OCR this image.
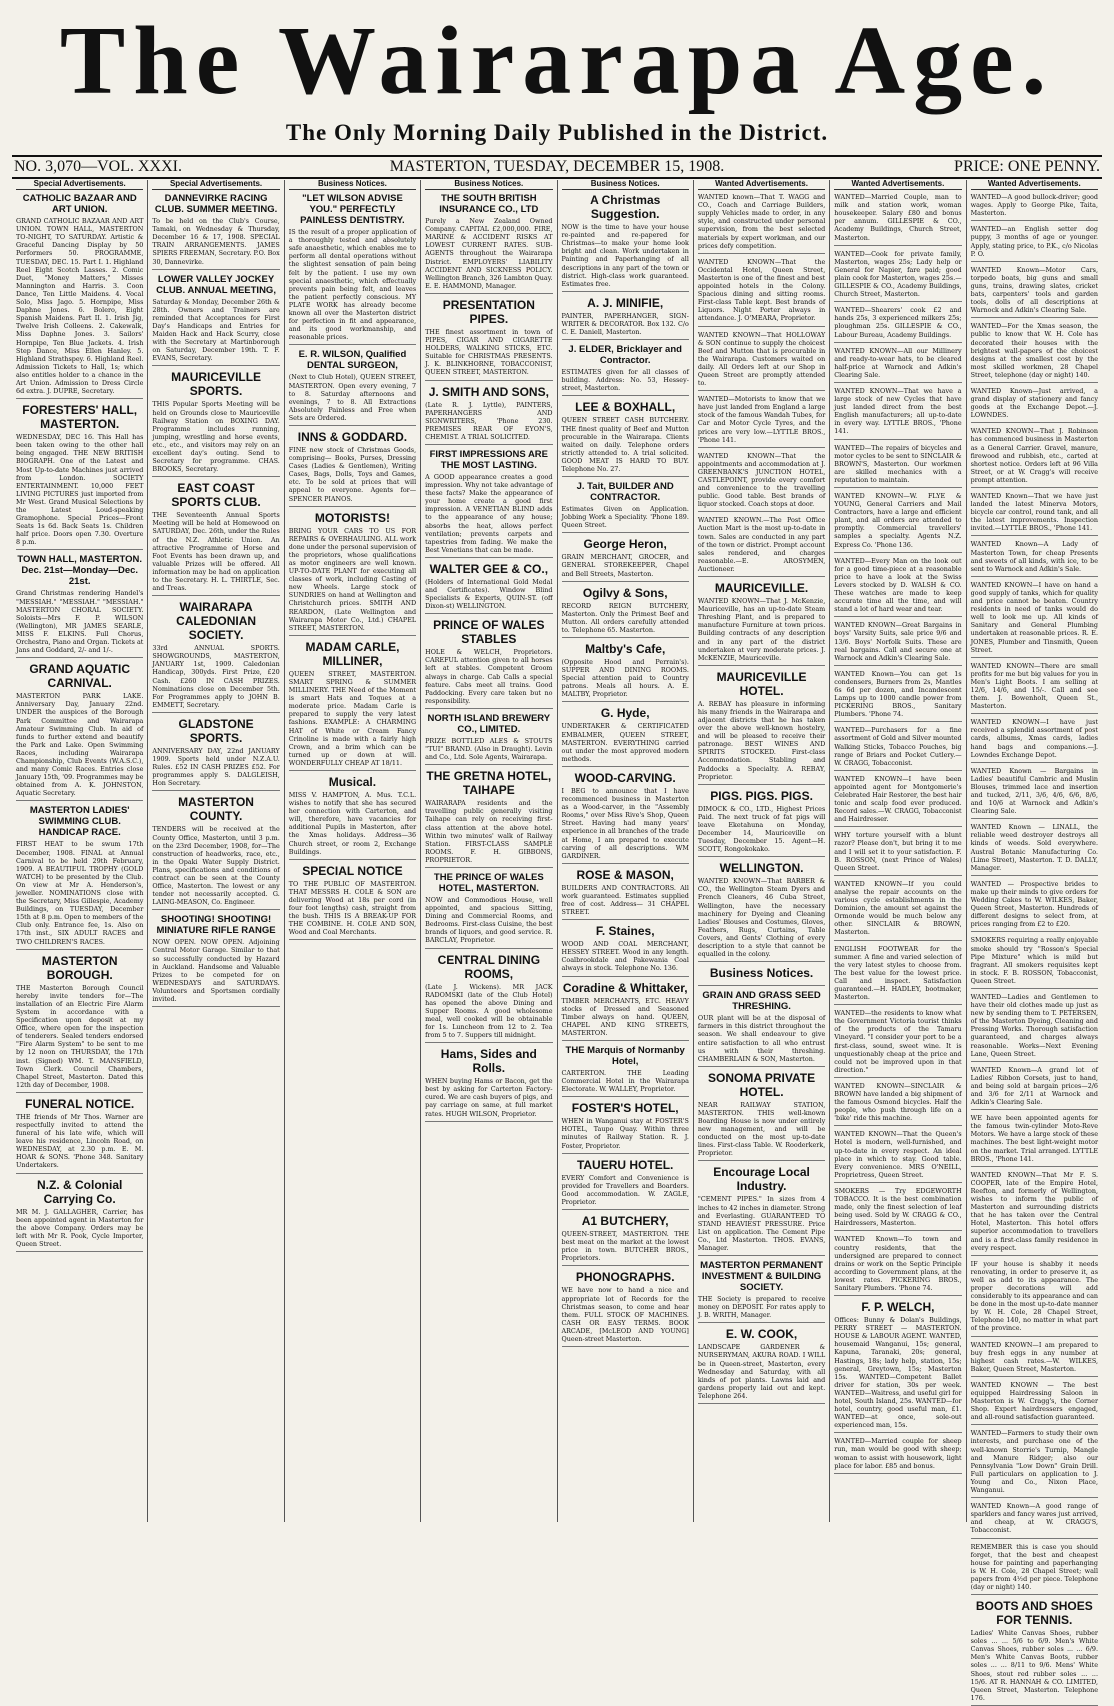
The Wairarapa Age.
The Only Morning Daily Published in the District.
NO. 3,070—VOL. XXXI.	MASTERTON, TUESDAY, DECEMBER 15, 1908.	PRICE: ONE PENNY.
Special Advertisements.
CATHOLIC BAZAAR AND ART UNION.
GRAND CATHOLIC BAZAAR AND ART UNION. TOWN HALL, MASTERTON TO-NIGHT, TO SATURDAY. Artistic & Graceful Dancing Display by 50 Performers 50. PROGRAMME, TUESDAY, DEC. 15. Part I. 1. Highland Reel Eight Scotch Lasses. 2. Comic Duet, "Money Matters," Misses Mannington and Harris. 3. Coon Dance, Ten Little Maidens. 4. Vocal Solo, Miss Jago. 5. Hornpipe, Miss Daphne Jones. 6. Bolero, Eight Spanish Maidens. Part II. 1. Irish Jig, Twelve Irish Colleens. 2. Cakewalk, Miss Daphne Jones. 3. Sailors' Hornpipe, Ten Blue Jackets. 4. Irish Step Dance, Miss Ellen Hanley. 5. Highland Strathspey. 6. Highland Reel. Admission Tickets to Hall, 1s; which also entitles holder to a chance in the Art Union. Admission to Dress Circle 6d extra. J. DUPRE, Secretary.
FORESTERS' HALL, MASTERTON.
WEDNESDAY, DEC 16. This Hall has been taken owing to the other hall being engaged. THE NEW BRITISH BIOGRAPH. One of the Latest and Most Up-to-date Machines just arrived from London. SOCIETY ENTERTAINMENT. 10,000 FEET LIVING PICTURES just imported from Mr West. Grand Musical Selections by the Latest Loud-speaking Gramophone. Special Prices—Front Seats 1s 6d. Back Seats 1s. Children half price. Doors open 7.30. Overture 8 p.m.
TOWN HALL, MASTERTON. Dec. 21st—Monday—Dec. 21st.
Grand Christmas rendering Handel's "MESSIAH." "MESSIAH." "MESSIAH." MASTERTON CHORAL SOCIETY. Soloists—Mrs F. P. WILSON (Wellington), MR JAMES SEARLE, MISS F. ELKINS. Full Chorus, Orchestra, Piano and Organ. Tickets at Jans and Goddard, 2/- and 1/-.
GRAND AQUATIC CARNIVAL.
MASTERTON PARK LAKE. Anniversary Day, January 22nd. UNDER the auspices of the Borough Park Committee and Wairarapa Amateur Swimming Club. In aid of funds to further extend and beautify the Park and Lake. Open Swimming Races, including Wairarapa Championship, Club Events (W.A.S.C.), and many Comic Races. Entries close January 15th, '09. Programmes may be obtained from A. K. JOHNSTON, Aquatic Secretary.
MASTERTON LADIES' SWIMMING CLUB. HANDICAP RACE.
FIRST HEAT to be swum 17th December, 1908. FINAL at Annual Carnival to be held 29th February, 1909. A BEAUTIFUL TROPHY (GOLD WATCH) to be presented by the Club. On view at Mr A. Henderson's, jeweller. NOMINATIONS close with the Secretary, Miss Gillespie, Academy Buildings, on TUESDAY, December 15th at 8 p.m. Open to members of the Club only. Entrance fee, 1s. Also on 17th inst., SIX ADULT RACES and TWO CHILDREN'S RACES.
MASTERTON BOROUGH.
THE Masterton Borough Council hereby invite tenders for—The installation of an Electric Fire Alarm System in accordance with a Specification upon deposit at my Office, where open for the inspection of tenderers. Sealed tenders endorsed "Fire Alarm System" to be sent to me by 12 noon on THURSDAY, the 17th inst. (Signed) WM. T. MANSFIELD, Town Clerk. Council Chambers, Chapel Street, Masterton. Dated this 12th day of December, 1908.
FUNERAL NOTICE.
THE friends of Mr Thos. Warner are respectfully invited to attend the funeral of his late wife, which will leave his residence, Lincoln Road, on WEDNESDAY, at 2.30 p.m. E. M. HOAR & SONS. 'Phone 348. Sanitary Undertakers.
N.Z. & Colonial Carrying Co.
MR M. J. GALLAGHER, Carrier, has been appointed agent in Masterton for the above Company. Orders may be left with Mr R. Pook, Cycle Importer, Queen Street.
Special Advertisements.
DANNEVIRKE RACING CLUB. SUMMER MEETING.
To be held on the Club's Course, Tamaki, on Wednesday & Thursday, December 16 & 17, 1908. SPECIAL TRAIN ARRANGEMENTS. JAMES SPIERS FREEMAN, Secretary. P.O. Box 30, Dannevirke.
LOWER VALLEY JOCKEY CLUB. ANNUAL MEETING,
Saturday & Monday, December 26th & 28th. Owners and Trainers are reminded that Acceptances for First Day's Handicaps and Entries for Maiden Hack and Hack Scurry, close with the Secretary at Martinborough on Saturday, December 19th. T. F. EVANS, Secretary.
MAURICEVILLE SPORTS.
THIS Popular Sports Meeting will be held on Grounds close to Mauriceville Railway Station on BOXING DAY. Programme includes running, jumping, wrestling and horse events, etc., etc., and visitors may rely on an excellent day's outing. Send to Secretary for programme. CHAS. BROOKS, Secretary.
EAST COAST SPORTS CLUB.
THE Seventeenth Annual Sports Meeting will be held at Homewood on SATURDAY, Dec. 26th, under the Rules of the N.Z. Athletic Union. An attractive Programme of Horse and Foot Events has been drawn up, and valuable Prizes will be offered. All information may be had on application to the Secretary. H. L. THIRTLE, Sec. and Treas.
WAIRARAPA CALEDONIAN SOCIETY.
33rd ANNUAL SPORTS. SHOWGROUNDS, MASTERTON, JANUARY 1st, 1909. Caledonian Handicap, 300yds. First Prize, £20 Cash. £260 IN CASH PRIZES. Nominations close on December 5th. For Programmes apply to JOHN B. EMMETT, Secretary.
GLADSTONE SPORTS.
ANNIVERSARY DAY, 22nd JANUARY 1909. Sports held under N.Z.A.U. Rules. £52 IN CASH PRIZES £52. For programmes apply S. DALGLEISH, Hon Secretary.
MASTERTON COUNTY.
TENDERS will be received at the County Office, Masterton, until 3 p.m. on the 23rd December, 1908, for—The construction of headworks, race, etc., in the Opaki Water Supply District. Plans, specifications and conditions of contract can be seen at the County Office, Masterton. The lowest or any tender not necessarily accepted. G. LAING-MEASON, Co. Engineer.
SHOOTING! SHOOTING! MINIATURE RIFLE RANGE
NOW OPEN. NOW OPEN. Adjoining Central Motor Garage. Similar to that so successfully conducted by Hazard in Auckland. Handsome and Valuable Prizes to be competed for on WEDNESDAYS and SATURDAYS. Volunteers and Sportsmen cordially invited.
Business Notices.
"LET WILSON ADVISE YOU." PERFECTLY PAINLESS DENTISTRY.
IS the result of a proper application of a thoroughly tested and absolutely safe anaesthetic, which enables me to perform all dental operations without the slightest sensation of pain being felt by the patient. I use my own special anaesthetic, which effectually prevents pain being felt, and leaves the patient perfectly conscious. MY PLATE WORK has already become known all over the Masterton district for perfection in fit and appearance, and its good workmanship, and reasonable prices.
E. R. WILSON, Qualified DENTAL SURGEON,
(Next to Club Hotel), QUEEN STREET, MASTERTON. Open every evening, 7 to 8. Saturday afternoons and evenings, 7 to 8. All Extractions Absolutely Painless and Free when Sets are Ordered.
INNS & GODDARD.
FINE new stock of Christmas Goods, comprising— Books, Purses, Dressing Cases (Ladies & Gentlemen), Writing Cases, Bags, Dolls, Toys and Games, etc. To be sold at prices that will appeal to everyone. Agents for— SPENCER PIANOS.
MOTORISTS!
BRING YOUR CARS TO US FOR REPAIRS & OVERHAULING. ALL work done under the personal supervision of the proprietors, whose qualifications as motor engineers are well known. UP-TO-DATE PLANT for executing all classes of work, including Casting of new Wheels. Large stock of SUNDRIES on hand at Wellington and Christchurch prices. SMITH AND REARDON, (Late Wellington and Wairarapa Motor Co., Ltd.) CHAPEL STREET, MASTERTON.
MADAM CARLE, MILLINER,
QUEEN STREET, MASTERTON. SMART SPRING & SUMMER MILLINERY. THE Need of the Moment is smart Hats and Toques at a moderate price. Madam Carle is prepared to supply the very latest fashions. EXAMPLE: A CHARMING HAT of White or Cream Fancy Crinoline is made with a fairly high Crown, and a brim which can be turned up or down at will. WONDERFULLY CHEAP AT 18/11.
Musical.
MISS V. HAMPTON, A. Mus. T.C.L. wishes to notify that she has secured her connection with Carterton, and will, therefore, have vacancies for additional Pupils in Masterton, after the Xmas holidays. Address—36 Church street, or room 2, Exchange Buildings.
SPECIAL NOTICE
TO THE PUBLIC OF MASTERTON. THAT MESSRS H. COLE & SON are delivering Wood at 18s per cord (in four foot lengths) cash, straight from the bush. THIS IS A BREAK-UP FOR THE COMBINE. H. COLE AND SON, Wood and Coal Merchants.
Business Notices.
THE SOUTH BRITISH INSURANCE CO., LTD
Purely a New Zealand Owned Company. CAPITAL £2,000,000. FIRE, MARINE & ACCIDENT RISKS AT LOWEST CURRENT RATES. SUB-AGENTS throughout the Wairarapa District. EMPLOYERS' LIABILITY ACCIDENT AND SICKNESS POLICY. Wellington Branch, 326 Lambton Quay. E. E. HAMMOND, Manager.
PRESENTATION PIPES.
THE finest assortment in town of PIPES, CIGAR AND CIGARETTE HOLDERS, WALKING STICKS, ETC. Suitable for CHRISTMAS PRESENTS. J. K. BLINKHORNE, TOBACCONIST, QUEEN STREET, MASTERTON.
J. SMITH AND SONS,
(Late R. J. Lyttle), PAINTERS, PAPERHANGERS AND SIGNWRITERS, 'Phone 230. PREMISES REAR OF EYON'S, CHEMIST. A TRIAL SOLICITED.
FIRST IMPRESSIONS ARE THE MOST LASTING.
A GOOD appearance creates a good impression. Why not take advantage of these facts? Make the appearance of your home create a good first impression. A VENETIAN BLIND adds to the appearance of any house; absorbs the heat, allows perfect ventilation; prevents carpets and tapestries from fading. We make the Best Venetians that can be made.
WALTER GEE & CO.,
(Holders of International Gold Medal and Certificates). Window Blind Specialists & Experts, QUIN-ST. (off Dixon-st) WELLINGTON.
PRINCE OF WALES STABLES
HOLE & WELCH, Proprietors. CAREFUL attention given to all horses left at stables. Competent Groom always in charge. Cab Calls a special feature. Cabs meet all trains. Good Paddocking. Every care taken but no responsibility.
NORTH ISLAND BREWERY CO., LIMITED.
PRIZE BOTTLED ALES & STOUTS "TUI" BRAND. (Also in Draught). Levin and Co., Ltd. Sole Agents, Wairarapa.
THE GRETNA HOTEL, TAIHAPE
WAIRARAPA residents and the travelling public generally visiting Taihape can rely on receiving first-class attention at the above hotel. Within two minutes' walk of Railway Station. FIRST-CLASS SAMPLE ROOMS. F. H. GIBBONS, PROPRIETOR.
THE PRINCE OF WALES HOTEL, MASTERTON.
NOW and Commodious House, well appointed, and spacious Sitting, Dining and Commercial Rooms, and Bedrooms. First-class Cuisine, the best brands of liquors, and good service. R. BARCLAY, Proprietor.
CENTRAL DINING ROOMS,
(Late J. Wickens). MR JACK RADOMSKI (late of the Club Hotel) has opened the above Dining and Supper Rooms. A good wholesome meal, well cooked will be obtainable for 1s. Luncheon from 12 to 2. Tea from 5 to 7. Suppers till midnight.
Hams, Sides and Rolls.
WHEN buying Hams or Bacon, get the best by asking for Carterton Factory-cured. We are cash buyers of pigs, and pay carriage on same, at full market rates. HUGH WILSON, Proprietor.
Business Notices.
A Christmas Suggestion.
NOW is the time to have your house re-painted and re-papered for Christmas—to make your home look bright and clean. Work undertaken in Painting and Paperhanging of all descriptions in any part of the town or district. High-class work guaranteed. Estimates free.
A. J. MINIFIE,
PAINTER, PAPERHANGER, SIGN-WRITER & DECORATOR. Box 132. C/o C. E. Daniell, Masterton.
J. ELDER, Bricklayer and Contractor.
ESTIMATES given for all classes of building. Address: No. 53, Hessey-street, Masterton.
LEE & BOXHALL,
QUEEN STREET CASH BUTCHERY. THE finest quality of Beef and Mutton procurable in the Wairarapa. Clients waited on daily. Telephone orders strictly attended to. A trial solicited. GOOD MEAT IS HARD TO BUY. Telephone No. 27.
J. Tait, BUILDER AND CONTRACTOR.
Estimates Given on Application. Jobbing Work a Speciality. 'Phone 189. Queen Street.
George Heron,
GRAIN MERCHANT, GROCER, and GENERAL STOREKEEPER, Chapel and Bell Streets, Masterton.
Ogilvy & Sons,
RECORD REIGN BUTCHERY, Masterton. Only the Primest Beef and Mutton. All orders carefully attended to. Telephone 65. Masterton.
Maltby's Cafe,
(Opposite Hood and Perrain's). SUPPER AND DINING ROOMS. Special attention paid to Country patrons. Meals all hours. A. E. MALTBY, Proprietor.
G. Hyde,
UNDERTAKER & CERTIFICATED EMBALMER, QUEEN STREET, MASTERTON. EVERYTHING carried out under the most approved modern methods.
WOOD-CARVING.
I BEG to announce that I have recommenced business in Masterton as a Wood-carver, in the "Assembly Rooms," over Miss Rive's Shop, Queen Street. Having had many years' experience in all branches of the trade at Home, I am prepared to execute carving of all descriptions. WM GARDINER.
ROSE & MASON,
BUILDERS AND CONTRACTORS. All work guaranteed. Estimates supplied free of cost. Address— 31 CHAPEL STREET.
F. Staines,
WOOD AND COAL MERCHANT, HESSEY STREET. Wood in any length. Coalbrookdale and Pakewania Coal always in stock. Telephone No. 136.
Coradine & Whittaker,
TIMBER MERCHANTS, ETC. HEAVY stocks of Dressed and Seasoned Timber always on hand. QUEEN, CHAPEL AND KING STREETS, MASTERTON.
THE Marquis of Normanby Hotel,
CARTERTON. THE Leading Commercial Hotel in the Wairarapa Electorate. W. WALLEY, Proprietor.
FOSTER'S HOTEL,
WHEN in Wanganui stay at FOSTER'S HOTEL, Taupo Quay. Within three minutes of Railway Station. R. J. Foster, Proprietor.
TAUERU HOTEL.
EVERY Comfort and Convenience is provided for Travellers and Boarders. Good accommodation. W. ZAGLE, Proprietor.
A1 BUTCHERY,
QUEEN-STREET, MASTERTON. THE best meat on the market at the lowest price in town. BUTCHER BROS., Proprietors.
PHONOGRAPHS.
WE have now to hand a nice and appropriate lot of Records for the Christmas season, to come and hear them. FULL STOCK OF MACHINES. CASH OR EASY TERMS. BOOK ARCADE, [McLEOD AND YOUNG] Queen-street Masterton.
Wanted Advertisements.
WANTED known—That T. WAGG and CO., Coach and Carriage Builders, supply Vehicles made to order, in any style, and constructed under personal supervision, from the best selected materials by expert workman, and our prices defy competition.
WANTED KNOWN—That the Occidental Hotel, Queen Street, Masterton is one of the finest and best appointed hotels in the Colony. Spacious dining and sitting rooms. First-class Table kept. Best brands of Liquors. Night Porter always in attendance. J. O'MEARA, Proprietor.
WANTED KNOWN—That HOLLOWAY & SON continue to supply the choicest Beef and Mutton that is procurable in the Wairarapa. Customers waited on daily. All Orders left at our Shop in Queen Street are promptly attended to.
WANTED—Motorists to know that we have just landed from England a large stock of the famous Wandah Tubes, for Car and Motor Cycle Tyres, and the prices are very low.—LYTTLE BROS., 'Phone 141.
WANTED KNOWN—That the appointments and accommodation at J. GREENBANK'S JUNCTION HOTEL, CASTLEPOINT, provide every comfort and convenience to the travelling public. Good table. Best brands of liquor stocked. Coach stops at door.
WANTED KNOWN.—The Post Office Auction Mart is the most up-to-date in town. Sales are conducted in any part of the town or district. Prompt account sales rendered, and charges reasonable.—E. AROSYMEN, Auctioneer.
MAURICEVILLE.
WANTED KNOWN—That J. McKenzie, Mauriceville, has an up-to-date Steam Threshing Plant, and is prepared to manufacture Furniture at town prices. Building contracts of any description and in any part of the district undertaken at very moderate prices. J. McKENZIE, Mauriceville.
MAURICEVILLE HOTEL.
A. REBAY has pleasure in informing his many friends in the Wairarapa and adjacent districts that he has taken over the above well-known hostelry, and will be pleased to receive their patronage. BEST WINES AND SPIRITS STOCKED. First-class Accommodation. Stabling and Paddocks a Specialty. A. REBAY, Proprietor.
PIGS. PIGS. PIGS.
DIMOCK & CO., LTD., Highest Prices Paid. The next truck of fat pigs will leave Eketahuna on Monday, December 14, Mauriceville on Tuesday, December 15. Agent—H. SCOTT, Rongokokako.
WELLINGTON.
WANTED KNOWN—That BARBER & CO., the Wellington Steam Dyers and French Cleaners, 46 Cuba Street, Wellington, have the necessary machinery for Dyeing and Cleaning Ladies' Blouses and Costumes, Gloves, Feathers, Rugs, Curtains, Table Covers, and Gents' Clothing of every description to a style that cannot be equalled in the colony.
Business Notices.
GRAIN AND GRASS SEED THRESHING.
OUR plant will be at the disposal of farmers in this district throughout the season. We shall endeavour to give entire satisfaction to all who entrust us with their threshing. CHAMBERLAIN & SON, Masterton.
SONOMA PRIVATE HOTEL.
NEAR RAILWAY STATION, MASTERTON. THIS well-known Boarding House is now under entirely new management, and will be conducted on the most up-to-date lines. First-class Table. W. Rooderkerk, Proprietor.
Encourage Local Industry.
"CEMENT PIPES." In sizes from 4 inches to 42 inches in diameter. Strong and Everlasting. GUARANTEED TO STAND HEAVIEST PRESSURE. Price List on application. The Cement Pipe Co., Ltd Masterton. THOS. EVANS, Manager.
MASTERTON PERMANENT INVESTMENT & BUILDING SOCIETY.
THE Society is prepared to receive money on DEPOSIT. For rates apply to J. B. WRITH, Manager.
E. W. COOK,
LANDSCAPE GARDENER & NURSERYMAN, AKURA ROAD. I WILL be in Queen-street, Masterton, every Wednesday and Saturday, with all kinds of pot plants. Lawns laid and gardens properly laid out and kept. Telephone 264.
Wanted Advertisements.
WANTED—Married Couple, man to milk and station work, woman housekeeper. Salary £80 and bonus per annum. GILLESPIE & CO., Academy Buildings, Church Street, Masterton.
WANTED—Cook for private family, Masterton, wages 25s; Lady help or General for Napier, fare paid; good plain cook for Masterton, wages 25s.—GILLESPIE & CO., Academy Buildings, Church Street, Masterton.
WANTED—Shearers' cook £2 and hands 25s, 3 experienced milkers 25s; ploughman 25s. GILLESPIE & CO., Labour Bureau, Academy Buildings.
WANTED KNOWN—All our Millinery and ready-to-wear hats, to be cleared half-price at Warnock and Adkin's Clearing Sale.
WANTED KNOWN—That we have a large stock of new Cycles that have just landed direct from the best English manufacturers; all up-to-date in every way. LYTTLE BROS., 'Phone 141.
WANTED—The repairs of bicycles and motor cycles to be sent to SINCLAIR & BROWN'S, Masterton. Our workmen are skilled mechanics with a reputation to maintain.
WANTED KNOWN—W. FLYE & YOUNG, General Carriers and Mail Contractors, have a large and efficient plant, and all orders are attended to promptly. Commercial travellers' samples a specialty. Agents N.Z. Express Co. 'Phone 136.
WANTED—Every Man on the look out for a good time-piece at a reasonable price to have a look at the Swiss Levers stocked by D. WALSH & CO. These watches are made to keep accurate time all the time, and will stand a lot of hard wear and tear.
WANTED KNOWN—Great Bargains in boys' Varsity Suits, sale price 9/6 and 13/6. Boys' Norfolk Suits. These are real bargains. Call and secure one at Warnock and Adkin's Clearing Sale.
WANTED Known—You can get 1s condensers, Burners from 2s, Mantles 6s 6d per dozen, and Incandescent Lamps up to 1000 candle power from PICKERING BROS., Sanitary Plumbers. 'Phone 74.
WANTED—Purchasers for a fine assortment of Gold and Silver mounted Walking Sticks, Tobacco Pouches, big range of Briars and Pocket Cutlery.—W. CRAGG, Tobacconist.
WANTED KNOWN—I have been appointed agent for Montgomerie's Celebrated Hair Restorer, the best hair tonic and scalp food ever produced. Record sales.—W. CRAGG, Tobacconist and Hairdresser.
WHY torture yourself with a blunt razor? Please don't, but bring it to me and I will set it to your satisfaction. F. B. ROSSON, (next Prince of Wales) Queen Street.
WANTED KNOWN—If you could analyse the repair accounts on the various cycle establishments in the Dominion, the amount set against the Ormonde would be much below any other. SINCLAIR & BROWN, Masterton.
ENGLISH FOOTWEAR for the summer. A fine and varied selection of the very latest styles to choose from. The best value for the lowest price. Call and inspect. Satisfaction guaranteed.—H. HADLEY, bootmaker, Masterton.
WANTED—the residents to know what the Government Victoria tourist thinks of the products of the Tamaru Vineyard. "I consider your port to be a first-class, sound, sweet wine. It is unquestionably cheap at the price and could not be improved upon in that direction."
WANTED KNOWN—SINCLAIR & BROWN have landed a big shipment of the famous Osmond bicycles. Half the people, who push through life on a 'bike' ride this machine.
WANTED KNOWN—That the Queen's Hotel is modern, well-furnished, and up-to-date in every respect. An ideal place in which to stay. Good table. Every convenience. MRS O'NEILL, Proprietress, Queen Street.
SMOKERS — Try EDGEWORTH TOBACCO. It is the best combination made, only the finest selection of leaf being used. Sold by W. CRAGG & CO., Hairdressers, Masterton.
WANTED Known—To town and country residents, that the undersigned are prepared to connect drains or work on the Septic Principle according to Government plans, at the lowest rates. PICKERING BROS., Sanitary Plumbers. 'Phone 74.
F. P. WELCH,
Offices: Bunny & Dolan's Buildings, PERRY STREET — MASTERTON. HOUSE & LABOUR AGENT. WANTED, housemaid Wanganui, 15s; general, Kapuna, Taranaki, 20s; general, Hastings, 18s; lady help, station, 15s; general, Greytown, 15s; Masterton 15s. WANTED—Competent Ballet driver for station, 30s per week. WANTED—Waitress, and useful girl for hotel, South Island, 25s. WANTED—for hotel, country, good useful man, £1. WANTED—at once, sole-out experienced man, 15s.
WANTED—Married couple for sheep run, man would be good with sheep; woman to assist with housework, light place for labor. £85 and bonus.
Wanted Advertisements.
WANTED—A good bullock-driver; good wages. Apply to George Pike, Taita, Masterton.
WANTED—an English setter dog puppy, 3 months of age or younger. Apply, stating price, to P.K., c/o Nicolas P. O.
WANTED Known—Motor Cars, torpedo boats, big guns and small guns, trains, drawing slates, cricket bats, carpenters' tools and garden tools, dolls of all descriptions at Warnock and Adkin's Clearing Sale.
WANTED—For the Xmas season, the public to know that W. H. Cole has decorated their houses with the brightest wall-papers of the choicest designs at the smallest cost by the most skilled workmen, 28 Chapel Street, telephone (day or night) 140.
WANTED Known—Just arrived, a grand display of stationery and fancy goods at the Exchange Depot.—J. LOWNDES.
WANTED KNOWN—That J. Robinson has commenced business in Masterton as a General Carrier. Gravel, manure, firewood and rubbish, etc., carted at shortest notice. Orders left at 96 Villa Street, or at W. Cragg's will receive prompt attention.
WANTED Known—That we have just landed the latest Minerva Motors, bicycle car control, round tank, and all the latest improvements. Inspection invited.—LYTTLE BROS., 'Phone 141.
WANTED Known—A Lady of Masterton Town, for cheap Presents and sweets of all kinds, with ice, to be sent to Warnock and Adkin's Sale.
WANTED KNOWN—I have on hand a good supply of tanks, which for quality and price cannot be beaten. Country residents in need of tanks would do well to look me up. All kinds of Sanitary and General Plumbing undertaken at reasonable prices. R. E. JONES, Plumber and Tinsmith, Queen Street.
WANTED KNOWN—There are small profits for me but big values for you in Men's Light Boots. I am selling at 12/6, 14/6, and 15/-. Call and see them. J. Bowenholt, Queen St., Masterton.
WANTED KNOWN—I have just received a splendid assortment of post cards, albums, Xmas cards, ladies hand bags and companions.—J. Lowndes Exchange Depot.
WANTED Known — Bargains in Ladies' beautiful Cambric and Muslin Blouses, trimmed lace and insertion and tucked, 2/11, 3/6, 4/6, 6/6, 8/6, and 10/6 at Warnock and Adkin's Clearing Sale.
WANTED Known — LINALL, the reliable weed destroyer destroys all kinds of weeds. Sold everywhere. Austral Botanic Manufacturing Co. (Lime Street), Masterton. T. D. DALLY, Manager.
WANTED — Prospective brides to make up their minds to give orders for Wedding Cakes to W. WILKES, Baker, Queen Street, Masterton. Hundreds of different designs to select from, at prices ranging from £2 to £20.
SMOKERS requiring a really enjoyable smoke should try "Rosson's Special Pipe Mixture" which is mild but fragrant. All smokers requisites kept in stock. F. B. ROSSON, Tobacconist, Queen Street.
WANTED—Ladies and Gentlemen to have their old clothes made up just as new by sending them to T. PETERSEN, of the Masterton Dyeing, Cleaning and Pressing Works. Thorough satisfaction guaranteed, and charges always reasonable. Works—Next Evening Lane, Queen Street.
WANTED Known—A grand lot of Ladies' Ribbon Corsets, just to hand, and being sold at bargain prices—2/6 and 3/6 for 2/11 at Warnock and Adkin's Clearing Sale.
WE have been appointed agents for the famous twin-cylinder Moto-Reve Motors. We have a large stock of these machines. The best light-weight motor on the market. Trial arranged. LYTTLE BROS., 'Phone 141.
WANTED KNOWN—That Mr F. S. COOPER, late of the Empire Hotel, Reefton, and formerly of Wellington, wishes to inform the public of Masterton and surrounding districts that he has taken over the Central Hotel, Masterton. This hotel offers superior accommodation to travellers and is a first-class family residence in every respect.
IF your house is shabby it needs renovating, in order to preserve it, as well as add to its appearance. The proper decorations will add considerably to its appearance and can be done in the most up-to-date manner by W. H. Cole, 28 Chapel Street, Telephone 140, no matter in what part of the province.
WANTED KNOWN—I am prepared to buy fresh eggs in any number at highest cash rates.—W. WILKES, Baker, Queen Street, Masterton.
WANTED KNOWN — The best equipped Hairdressing Saloon in Masterton is W. Cragg's, the Corner Shop. Expert hairdressers engaged, and all-round satisfaction guaranteed.
WANTED—Farmers to study their own interests, and purchase one of the well-known Storrie's Turnip, Mangle and Manure Ridger; also our Pennsylvania "Low Down" Grain Drill. Full particulars on application to J. Young and Co., Nixon Place, Wanganui.
WANTED Known—A good range of sparklers and fancy wares just arrived, and cheap, at W. CRAGG'S, Tobacconist.
REMEMBER this is case you should forget, that the best and cheapest house for painting and paperhanging is W. H. Cole, 28 Chapel Street; wall papers from 4½d per piece. Telephone (day or night) 140.
BOOTS AND SHOES FOR TENNIS.
Ladies' White Canvas Shoes, rubber soles ... ... 5/6 to 6/9. Men's White Canvas Shoes, rubber soles ... ... 6/9. Men's White Canvas Boots, rubber soles ... ... 8/11 to 9/6. Mens' White Shoes, stout red rubber soles ... ... 15/6. AT R. HANNAH & CO. LIMITED, Queen Street, Masterton. Telephone 176.
